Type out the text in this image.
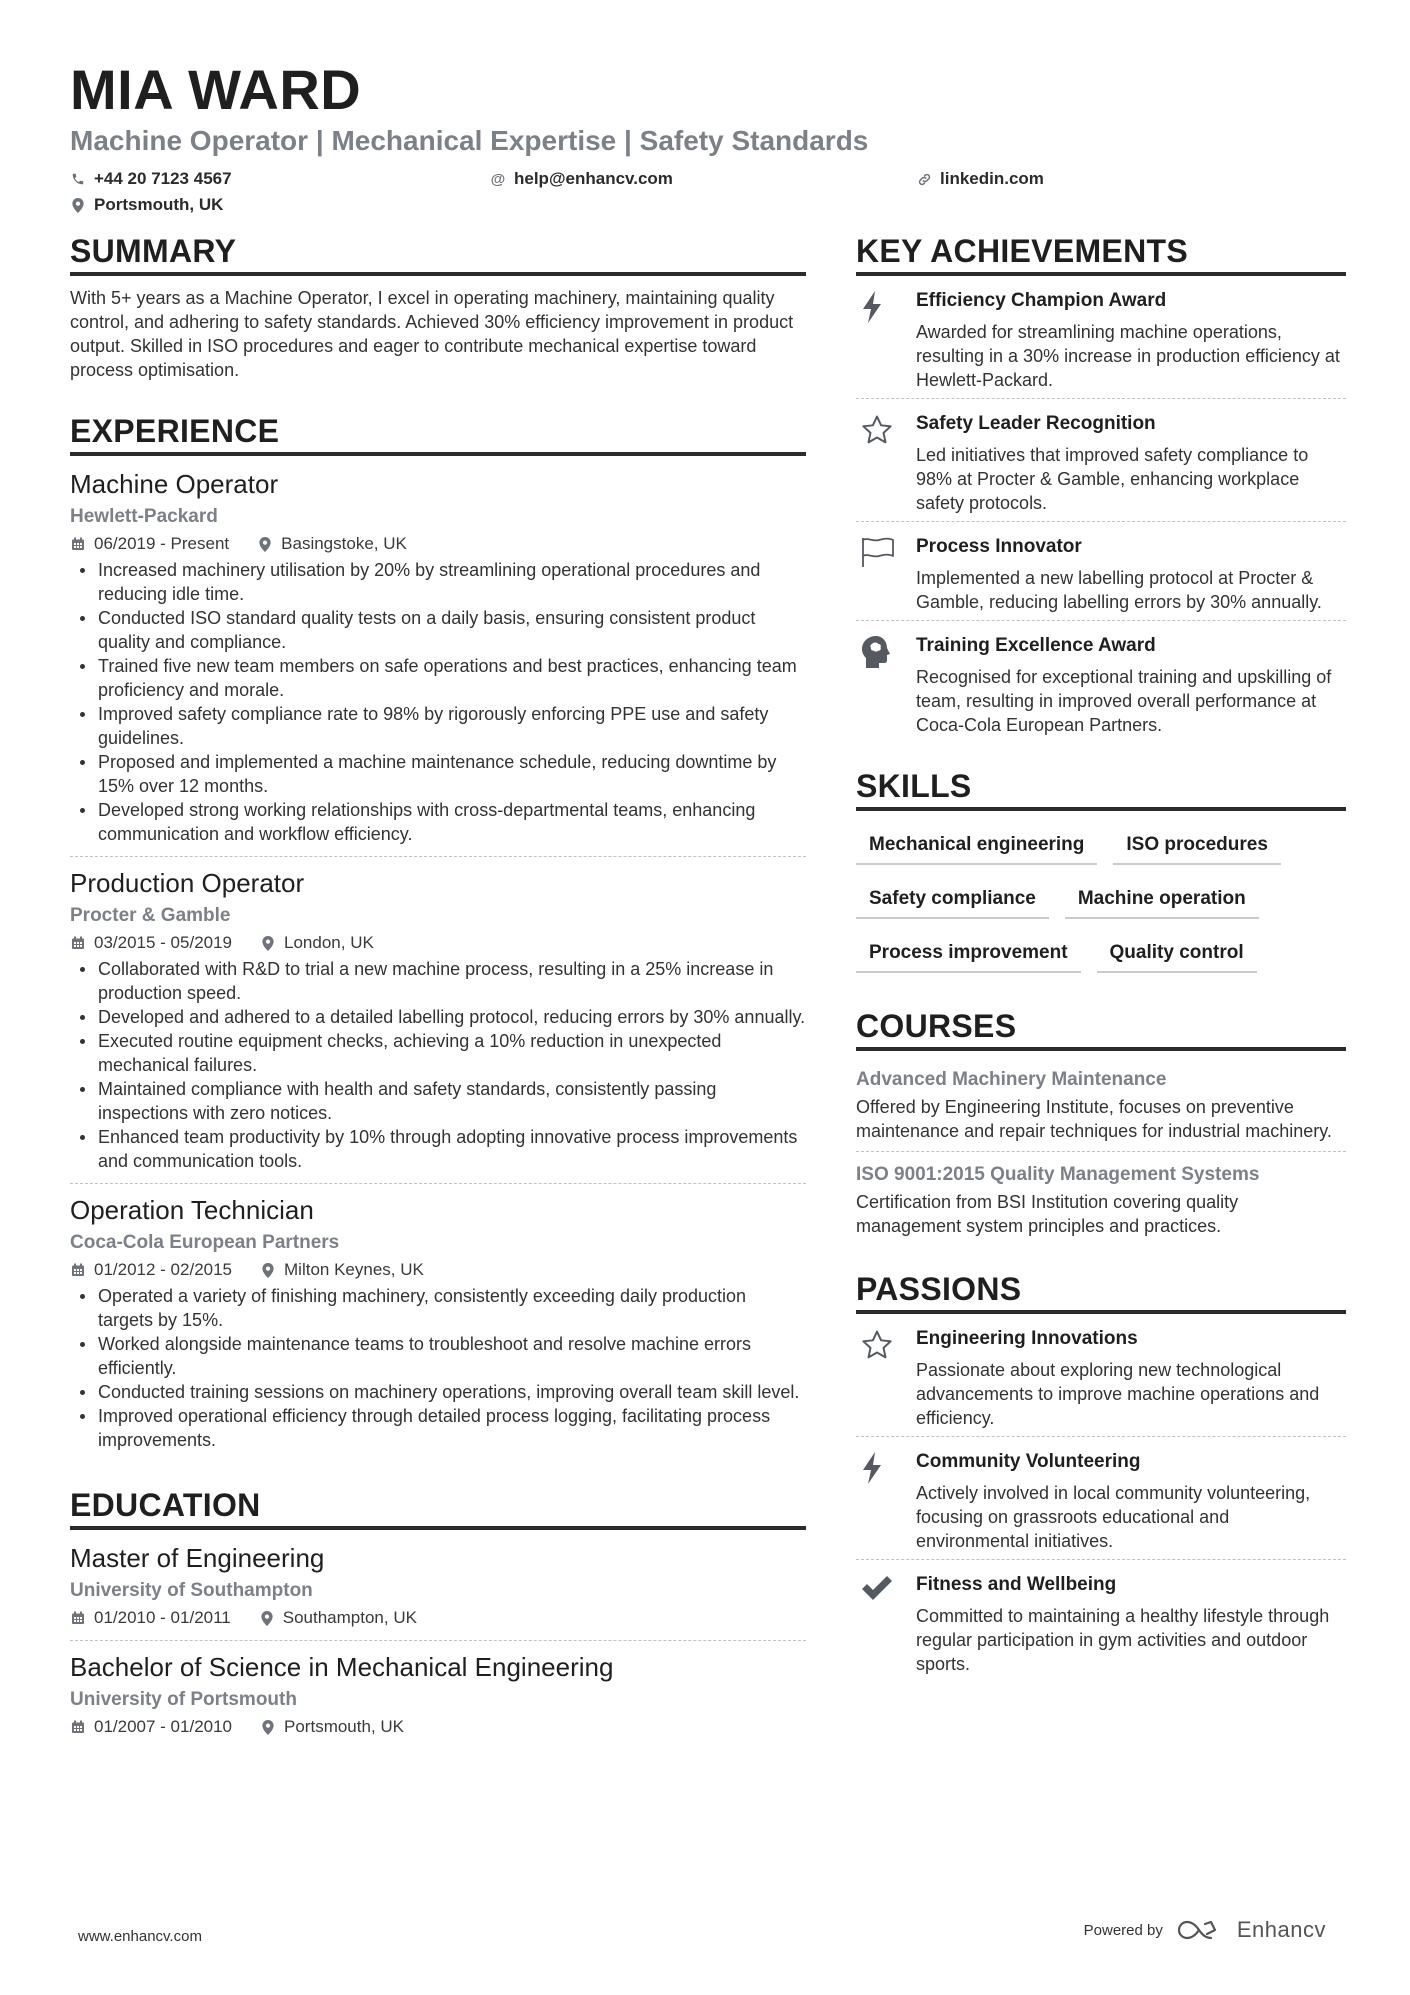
MIA WARD
Machine Operator | Mechanical Expertise | Safety Standards
+44 20 7123 4567	@ help@enhancv.com	linkedin.com
Portsmouth, UK
SUMMARY
With 5+ years as a Machine Operator, I excel in operating machinery, maintaining quality control, and adhering to safety standards. Achieved 30% efficiency improvement in product output. Skilled in ISO procedures and eager to contribute mechanical expertise toward process optimisation.
EXPERIENCE
Machine Operator
Hewlett-Packard
06/2019 - Present	Basingstoke, UK
Increased machinery utilisation by 20% by streamlining operational procedures and reducing idle time.
Conducted ISO standard quality tests on a daily basis, ensuring consistent product quality and compliance.
Trained five new team members on safe operations and best practices, enhancing team proficiency and morale.
Improved safety compliance rate to 98% by rigorously enforcing PPE use and safety guidelines.
Proposed and implemented a machine maintenance schedule, reducing downtime by 15% over 12 months.
Developed strong working relationships with cross-departmental teams, enhancing communication and workflow efficiency.
Production Operator
Procter & Gamble
03/2015 - 05/2019	London, UK
Collaborated with R&D to trial a new machine process, resulting in a 25% increase in production speed.
Developed and adhered to a detailed labelling protocol, reducing errors by 30% annually.
Executed routine equipment checks, achieving a 10% reduction in unexpected mechanical failures.
Maintained compliance with health and safety standards, consistently passing inspections with zero notices.
Enhanced team productivity by 10% through adopting innovative process improvements and communication tools.
Operation Technician
Coca-Cola European Partners
01/2012 - 02/2015	Milton Keynes, UK
Operated a variety of finishing machinery, consistently exceeding daily production targets by 15%.
Worked alongside maintenance teams to troubleshoot and resolve machine errors efficiently.
Conducted training sessions on machinery operations, improving overall team skill level.
Improved operational efficiency through detailed process logging, facilitating process improvements.
EDUCATION
Master of Engineering
University of Southampton
01/2010 - 01/2011	Southampton, UK
Bachelor of Science in Mechanical Engineering
University of Portsmouth
01/2007 - 01/2010	Portsmouth, UK
KEY ACHIEVEMENTS
Efficiency Champion Award
Awarded for streamlining machine operations, resulting in a 30% increase in production efficiency at Hewlett-Packard.
Safety Leader Recognition
Led initiatives that improved safety compliance to 98% at Procter & Gamble, enhancing workplace safety protocols.
Process Innovator
Implemented a new labelling protocol at Procter & Gamble, reducing labelling errors by 30% annually.
Training Excellence Award
Recognised for exceptional training and upskilling of team, resulting in improved overall performance at Coca-Cola European Partners.
SKILLS
Mechanical engineering	ISO procedures
Safety compliance	Machine operation
Process improvement	Quality control
COURSES
Advanced Machinery Maintenance
Offered by Engineering Institute, focuses on preventive maintenance and repair techniques for industrial machinery.
ISO 9001:2015 Quality Management Systems
Certification from BSI Institution covering quality management system principles and practices.
PASSIONS
Engineering Innovations
Passionate about exploring new technological advancements to improve machine operations and efficiency.
Community Volunteering
Actively involved in local community volunteering, focusing on grassroots educational and environmental initiatives.
Fitness and Wellbeing
Committed to maintaining a healthy lifestyle through regular participation in gym activities and outdoor sports.
www.enhancv.com	Powered by	Enhancv
